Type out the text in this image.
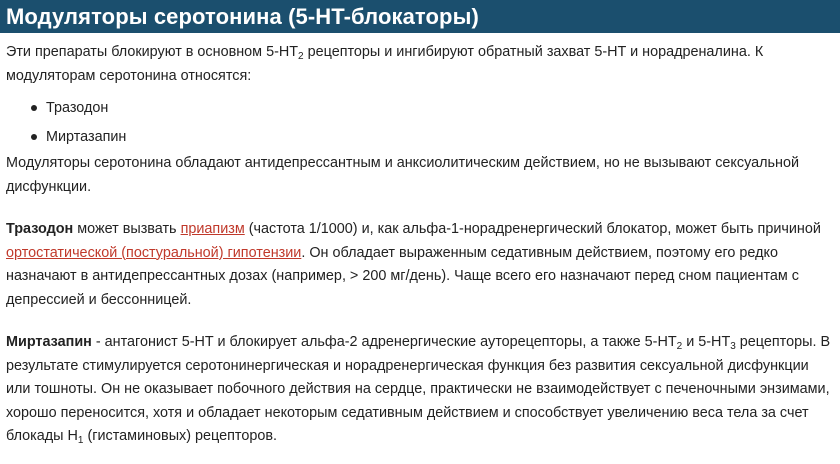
Модуляторы серотонина (5-HT-блокаторы)

Эти препараты блокируют в основном $5-HT_2$ рецепторы и ингибируют обратный захват 5-HT и норадреналина. К модуляторам серотонина относятся:

Тразодон
Миртазапин

Модуляторы серотонина обладают антидепрессантным и анксиолитическим действием, но не вызывают сексуальной дисфункции.

Тразодон может вызвать приапизм (частота 1/1000) и, как альфа-1-норадренергический блокатор, может быть причиной ортостатической (постуральной) гипотензии. Он обладает выраженным седативным действием, поэтому его редко назначают в антидепрессантных дозах (например, > 200 мг/день). Чаще всего его назначают перед сном пациентам с депрессией и бессонницей.

Миртазапин - антагонист 5-HT и блокирует альфа-2 адренергические ауторецепторы, а также $5-HT_2$ и $5-HT_3$ рецепторы. В результате стимулируется серотонинергическая и норадренергическая функция без развития сексуальной дисфункции или тошноты. Он не оказывает побочного действия на сердце, практически не взаимодействует с печеночными энзимами, хорошо переносится, хотя и обладает некоторым седативным действием и способствует увеличению веса тела за счет блокады $H_1$ (гистаминовых) рецепторов.
